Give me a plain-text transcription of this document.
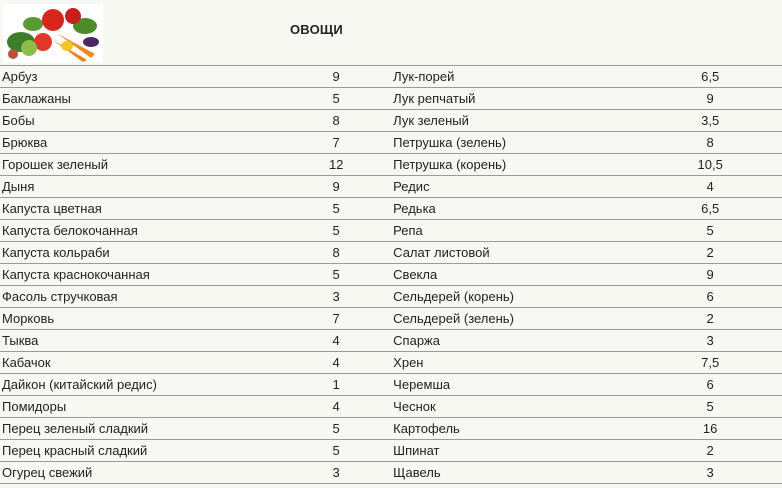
ОВОЩИ
Арбуз	9	Лук-порей	6,5
Баклажаны	5	Лук репчатый	9
Бобы	8	Лук зеленый	3,5
Брюква	7	Петрушка (зелень)	8
Горошек зеленый	12	Петрушка (корень)	10,5
Дыня	9	Редис	4
Капуста цветная	5	Редька	6,5
Капуста белокочанная	5	Репа	5
Капуста кольраби	8	Салат листовой	2
Капуста краснокочанная	5	Свекла	9
Фасоль стручковая	3	Сельдерей (корень)	6
Морковь	7	Сельдерей (зелень)	2
Тыква	4	Спаржа	3
Кабачок	4	Хрен	7,5
Дайкон (китайский редис)	1	Черемша	6
Помидоры	4	Чеснок	5
Перец зеленый сладкий	5	Картофель	16
Перец красный сладкий	5	Шпинат	2
Огурец свежий	3	Щавель	3
